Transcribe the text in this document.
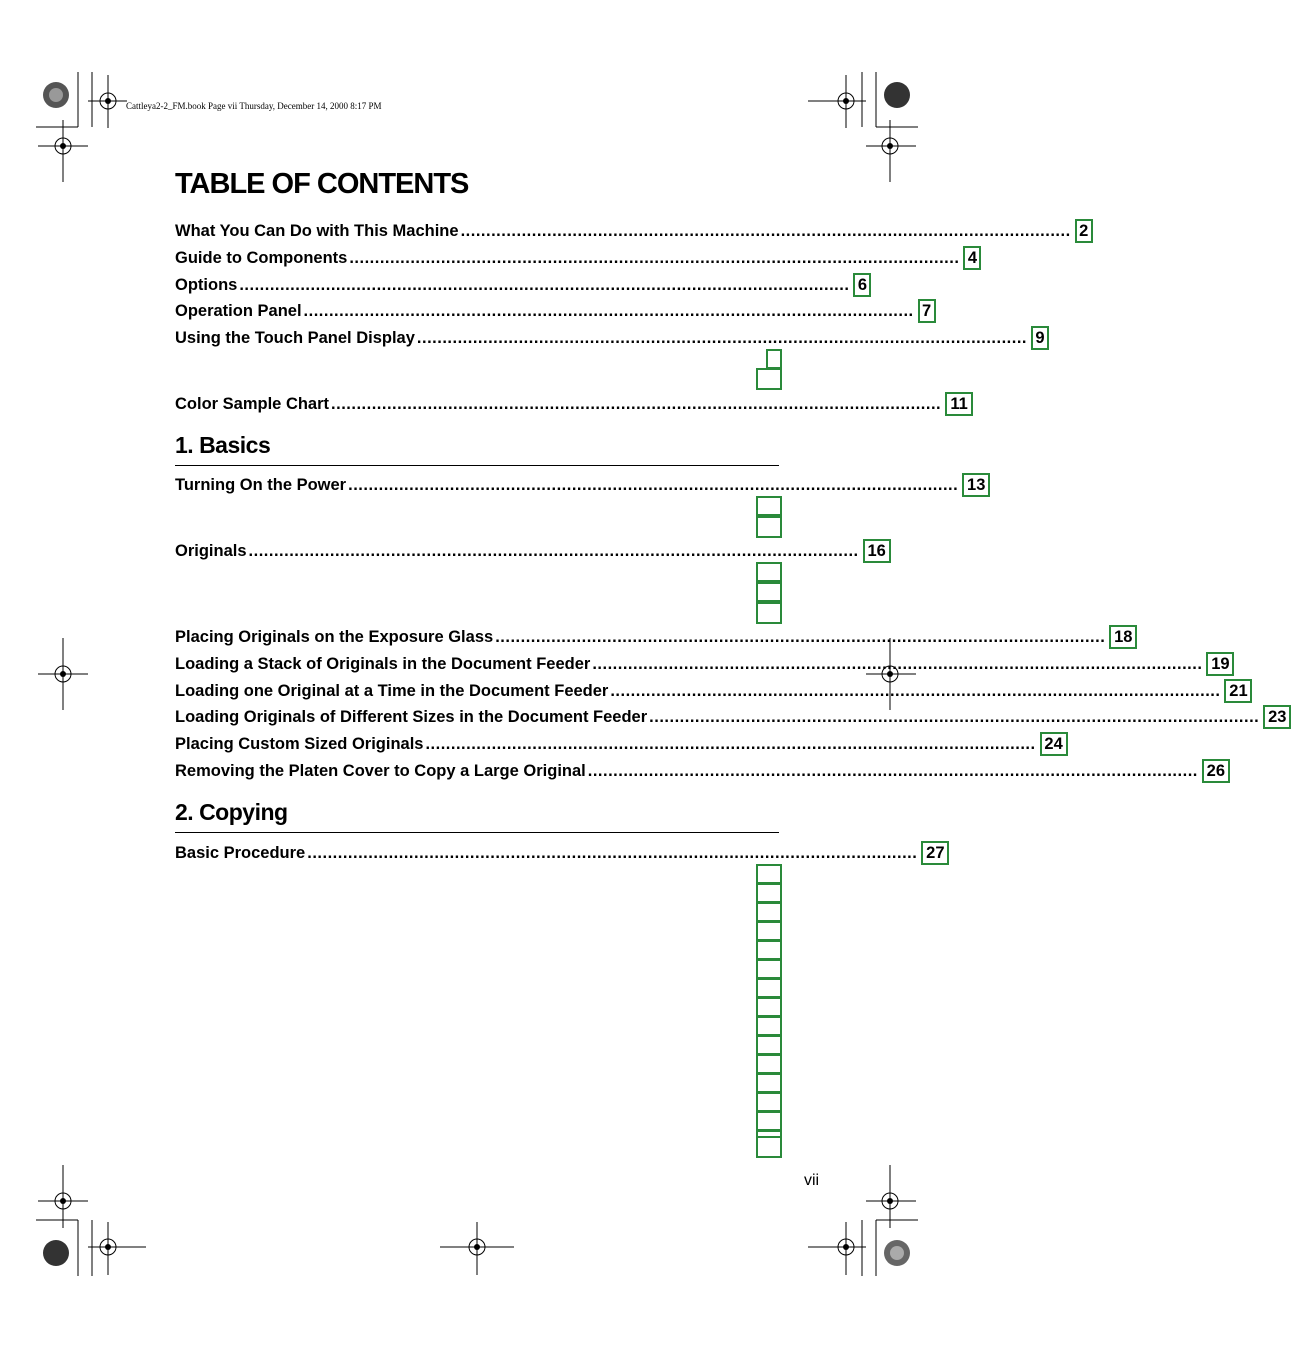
Cattleya2-2_FM.book Page vii Thursday, December 14, 2000 8:17 PM
TABLE OF CONTENTS
What You Can Do with This Machine ........................................................................................................................ 2
Guide to Components ........................................................................................................................ 4
Options ........................................................................................................................ 6
Operation Panel ........................................................................................................................ 7
Using the Touch Panel Display ........................................................................................................................ 9
Color Sample Chart ........................................................................................................................ 11
1. Basics
Turning On the Power ........................................................................................................................ 13
Originals ........................................................................................................................ 16
Placing Originals on the Exposure Glass ........................................................................................................................ 18
Loading a Stack of Originals in the Document Feeder ........................................................................................................................ 19
Loading one Original at a Time in the Document Feeder ........................................................................................................................ 21
Loading Originals of Different Sizes in the Document Feeder ........................................................................................................................ 23
Placing Custom Sized Originals ........................................................................................................................ 24
Removing the Platen Cover to Copy a Large Original ........................................................................................................................ 26
2. Copying
Basic Procedure ........................................................................................................................ 27
vii
